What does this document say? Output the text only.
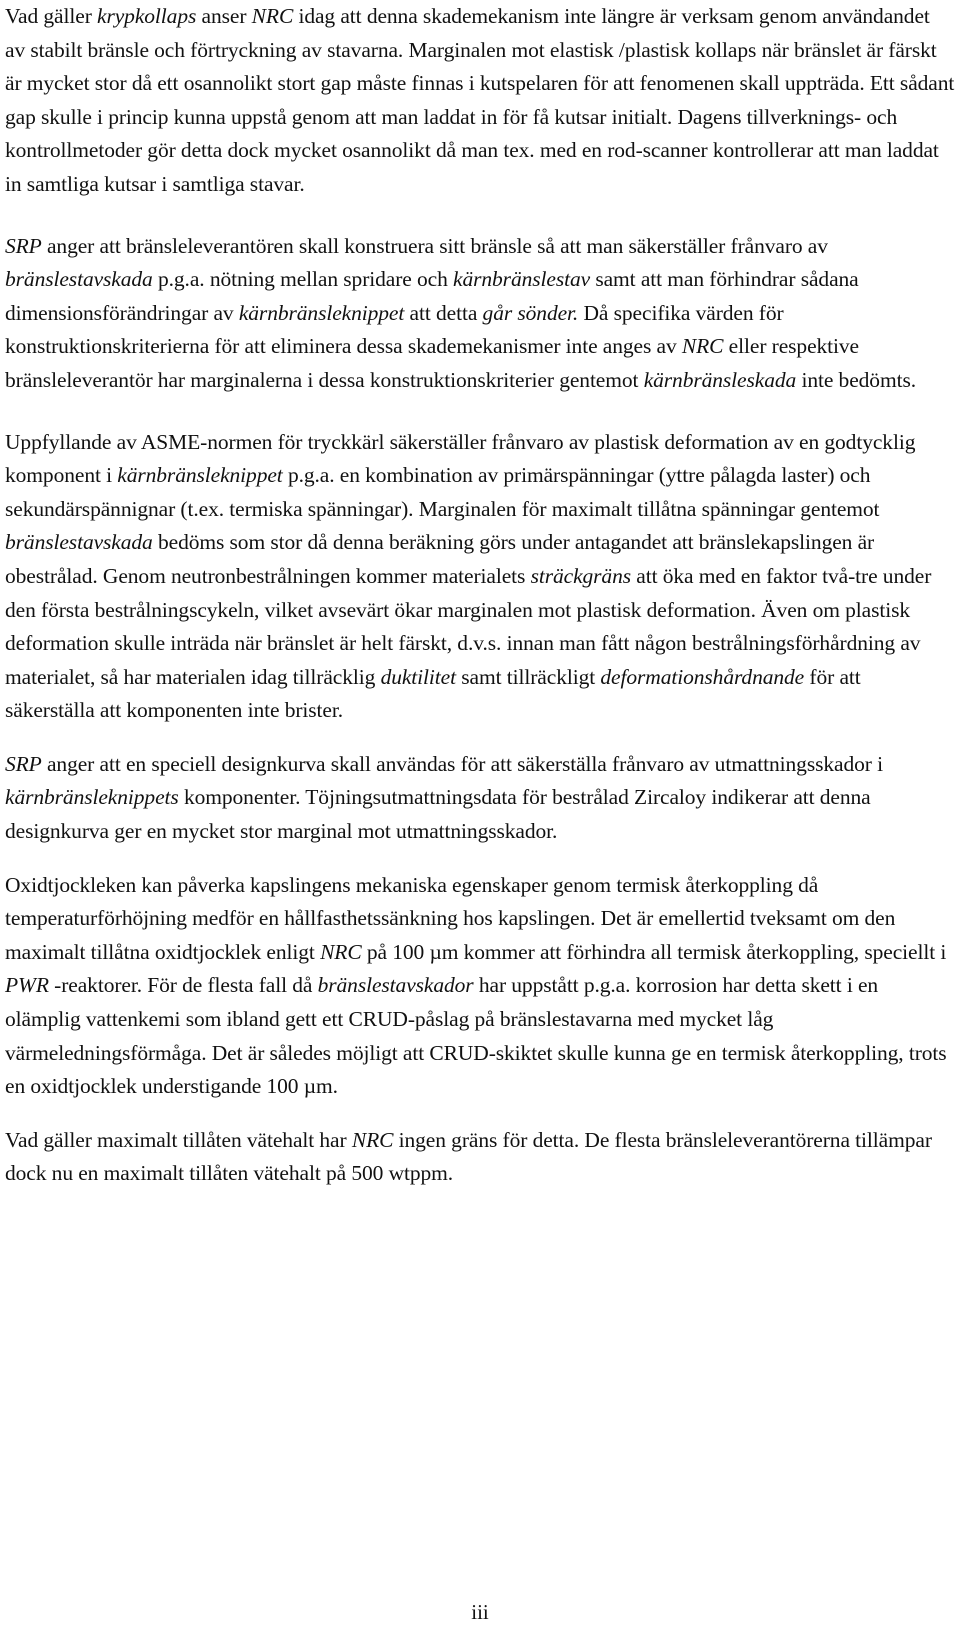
Vad gäller krypkollaps anser NRC idag att denna skademekanism inte längre är verksam genom användandet av stabilt bränsle och förtryckning av stavarna. Marginalen mot elastisk /plastisk kollaps när bränslet är färskt är mycket stor då ett osannolikt stort gap måste finnas i kutspelaren för att fenomenen skall uppträda. Ett sådant gap skulle i princip kunna uppstå genom att man laddat in för få kutsar initialt. Dagens tillverknings- och kontrollmetoder gör detta dock mycket osannolikt då man tex. med en rod-scanner kontrollerar att man laddat in samtliga kutsar i samtliga stavar.

SRP anger att bränsleleverantören skall konstruera sitt bränsle så att man säkerställer frånvaro av bränslestavskada p.g.a. nötning mellan spridare och kärnbränslestav samt att man förhindrar sådana dimensionsförändringar av kärnbränsleknippet att detta går sönder. Då specifika värden för konstruktionskriterierna för att eliminera dessa skademekanismer inte anges av NRC eller respektive bränsleleverantör har marginalerna i dessa konstruktionskriterier gentemot kärnbränsleskada inte bedömts.

Uppfyllande av ASME-normen för tryckkärl säkerställer frånvaro av plastisk deformation av en godtycklig komponent i kärnbränsleknippet p.g.a. en kombination av primärspänningar (yttre pålagda laster) och sekundärspännignar (t.ex. termiska spänningar). Marginalen för maximalt tillåtna spänningar gentemot bränslestavskada bedöms som stor då denna beräkning görs under antagandet att bränslekapslingen är obestrålad. Genom neutronbestrålningen kommer materialets sträckgräns att öka med en faktor två-tre under den första bestrålningscykeln, vilket avsevärt ökar marginalen mot plastisk deformation. Även om plastisk deformation skulle inträda när bränslet är helt färskt, d.v.s. innan man fått någon bestrålningsförhårdning av materialet, så har materialen idag tillräcklig duktilitet samt tillräckligt deformationshårdnande för att säkerställa att komponenten inte brister.

SRP anger att en speciell designkurva skall användas för att säkerställa frånvaro av utmattningsskador i kärnbränsleknippets komponenter. Töjningsutmattningsdata för bestrålad Zircaloy indikerar att denna designkurva ger en mycket stor marginal mot utmattningsskador.

Oxidtjockleken kan påverka kapslingens mekaniska egenskaper genom termisk återkoppling då temperaturförhöjning medför en hållfasthetssänkning hos kapslingen. Det är emellertid tveksamt om den maximalt tillåtna oxidtjocklek enligt NRC på 100 µm kommer att förhindra all termisk återkoppling, speciellt i PWR -reaktorer. För de flesta fall då bränslestavskador har uppstått p.g.a. korrosion har detta skett i en olämplig vattenkemi som ibland gett ett CRUD-påslag på bränslestavarna med mycket låg värmeledningsförmåga. Det är således möjligt att CRUD-skiktet skulle kunna ge en termisk återkoppling, trots en oxidtjocklek understigande 100 µm.

Vad gäller maximalt tillåten vätehalt har NRC ingen gräns för detta. De flesta bränsleleverantörerna tillämpar dock nu en maximalt tillåten vätehalt på 500 wtppm.

iii
